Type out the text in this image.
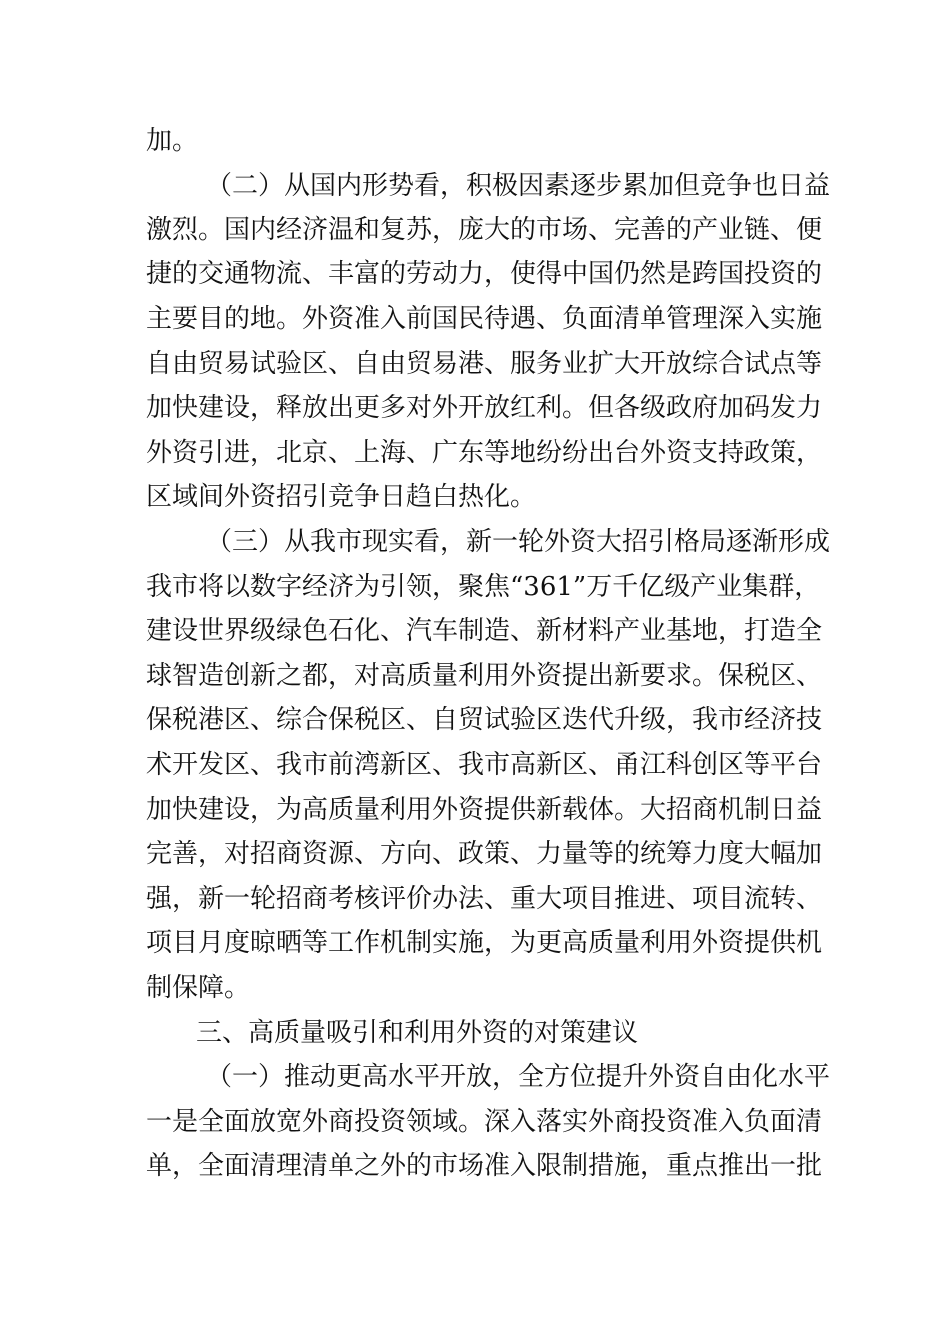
加。
（二）从国内形势看，积极因素逐步累加但竞争也日益
激烈。国内经济温和复苏，庞大的市场、完善的产业链、便
捷的交通物流、丰富的劳动力，使得中国仍然是跨国投资的
主要目的地。外资准入前国民待遇、负面清单管理深入实施
自由贸易试验区、自由贸易港、服务业扩大开放综合试点等
加快建设，释放出更多对外开放红利。但各级政府加码发力
外资引进，北京、上海、广东等地纷纷出台外资支持政策，
区域间外资招引竞争日趋白热化。
（三）从我市现实看，新一轮外资大招引格局逐渐形成
我市将以数字经济为引领，聚焦“361”万千亿级产业集群，
建设世界级绿色石化、汽车制造、新材料产业基地，打造全
球智造创新之都，对高质量利用外资提出新要求。保税区、
保税港区、综合保税区、自贸试验区迭代升级，我市经济技
术开发区、我市前湾新区、我市高新区、甬江科创区等平台
加快建设，为高质量利用外资提供新载体。大招商机制日益
完善，对招商资源、方向、政策、力量等的统筹力度大幅加
强，新一轮招商考核评价办法、重大项目推进、项目流转、
项目月度晾晒等工作机制实施，为更高质量利用外资提供机
制保障。
三、高质量吸引和利用外资的对策建议
（一）推动更高水平开放，全方位提升外资自由化水平
一是全面放宽外商投资领域。深入落实外商投资准入负面清
单，全面清理清单之外的市场准入限制措施，重点推出一批
